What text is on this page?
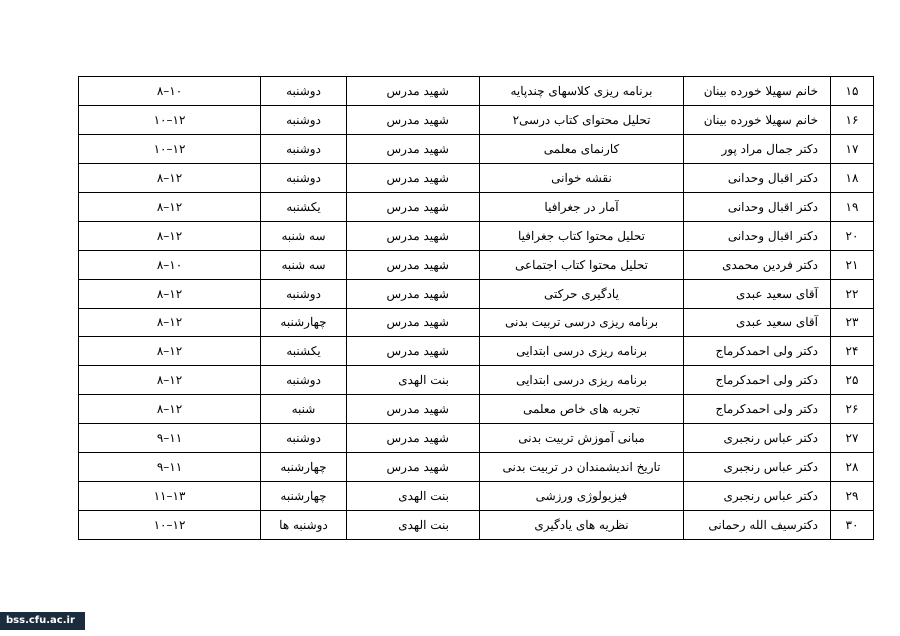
۱۵	خانم سهیلا خورده بینان	برنامه ریزی کلاسهای چندپایه	شهید مدرس	دوشنبه	۱۰–۸
۱۶	خانم سهیلا خورده بینان	تحلیل محتوای کتاب درسی۲	شهید مدرس	دوشنبه	۱۲–۱۰
۱۷	دکتر جمال مراد پور	کارنمای معلمی	شهید مدرس	دوشنبه	۱۲–۱۰
۱۸	دکتر اقبال وحدانی	نقشه خوانی	شهید مدرس	دوشنبه	۱۲–۸
۱۹	دکتر اقبال وحدانی	آمار در جغرافیا	شهید مدرس	یکشنبه	۱۲–۸
۲۰	دکتر اقبال وحدانی	تحلیل محتوا کتاب جغرافیا	شهید مدرس	سه شنبه	۱۲–۸
۲۱	دکتر فردین محمدی	تحلیل محتوا کتاب اجتماعی	شهید مدرس	سه شنبه	۱۰–۸
۲۲	آقای سعید عبدی	یادگیری حرکتی	شهید مدرس	دوشنبه	۱۲–۸
۲۳	آقای سعید عبدی	برنامه ریزی درسی تربیت بدنی	شهید مدرس	چهارشنبه	۱۲–۸
۲۴	دکتر ولی احمدکرماج	برنامه ریزی درسی ابتدایی	شهید مدرس	یکشنبه	۱۲–۸
۲۵	دکتر ولی احمدکرماج	برنامه ریزی درسی ابتدایی	بنت الهدی	دوشنبه	۱۲–۸
۲۶	دکتر ولی احمدکرماج	تجربه های خاص معلمی	شهید مدرس	شنبه	۱۲–۸
۲۷	دکتر عباس رنجبری	مبانی آموزش تربیت بدنی	شهید مدرس	دوشنبه	۱۱–۹
۲۸	دکتر عباس رنجبری	تاریخ اندیشمندان در تربیت بدنی	شهید مدرس	چهارشنبه	۱۱–۹
۲۹	دکتر عباس رنجبری	فیزیولوژی ورزشی	بنت الهدی	چهارشنبه	۱۳–۱۱
۳۰	دکترسیف الله رحمانی	نظریه های یادگیری	بنت الهدی	دوشنبه ها	۱۲–۱۰
bss.cfu.ac.ir
